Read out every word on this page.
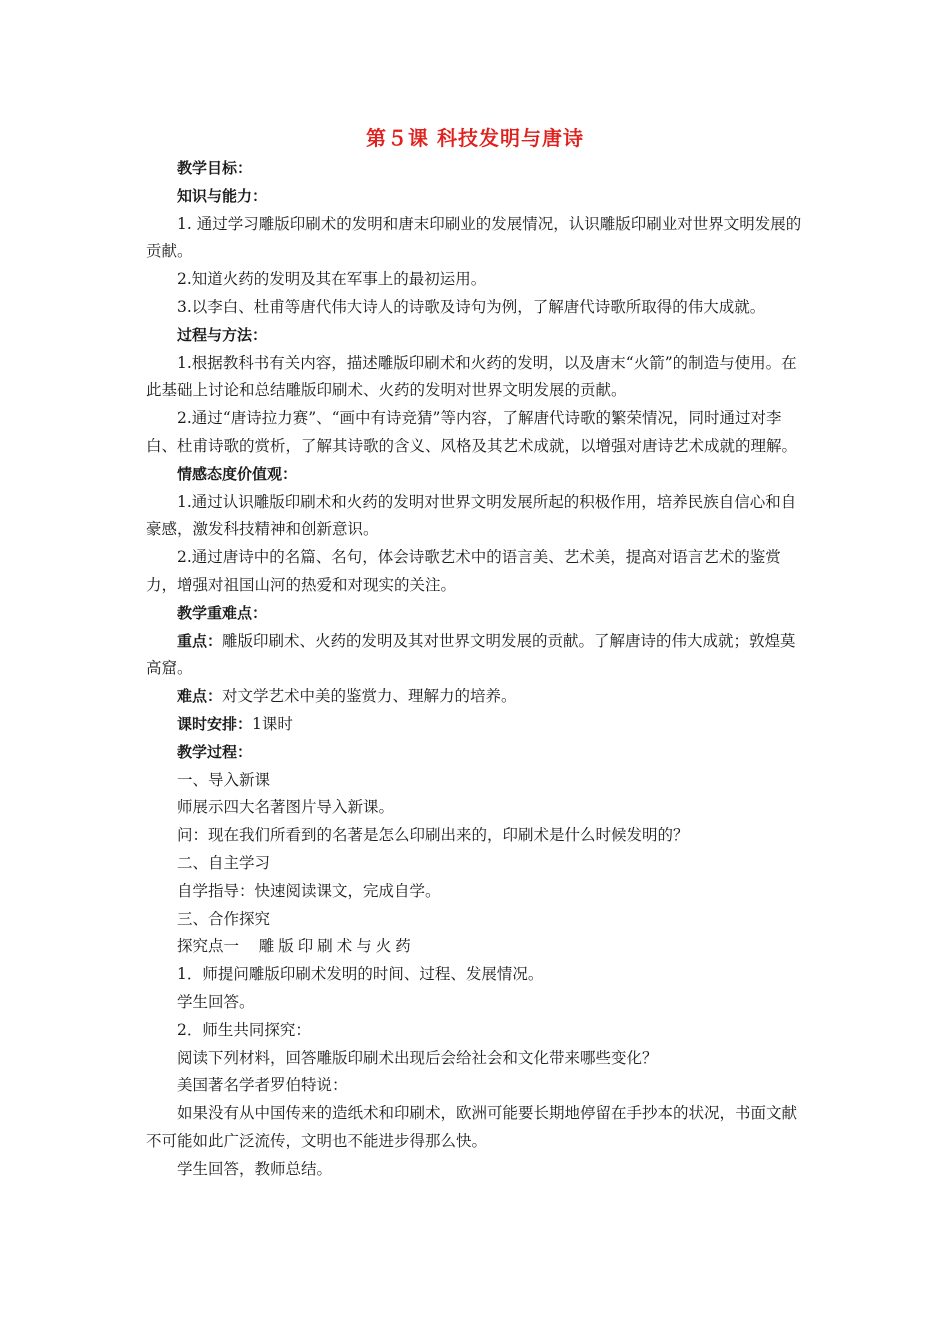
第５课 科技发明与唐诗

教学目标：

知识与能力：

1. 通过学习雕版印刷术的发明和唐末印刷业的发展情况，认识雕版印刷业对世界文明发展的贡献。

2.知道火药的发明及其在军事上的最初运用。

3.以李白、杜甫等唐代伟大诗人的诗歌及诗句为例，了解唐代诗歌所取得的伟大成就。

过程与方法：

1.根据教科书有关内容，描述雕版印刷术和火药的发明，以及唐末“火箭”的制造与使用。在此基础上讨论和总结雕版印刷术、火药的发明对世界文明发展的贡献。

2.通过“唐诗拉力赛”、“画中有诗竞猜”等内容，了解唐代诗歌的繁荣情况，同时通过对李白、杜甫诗歌的赏析，了解其诗歌的含义、风格及其艺术成就，以增强对唐诗艺术成就的理解。

情感态度价值观：

1.通过认识雕版印刷术和火药的发明对世界文明发展所起的积极作用，培养民族自信心和自豪感，激发科技精神和创新意识。

2.通过唐诗中的名篇、名句，体会诗歌艺术中的语言美、艺术美，提高对语言艺术的鉴赏力，增强对祖国山河的热爱和对现实的关注。

教学重难点：

重点：雕版印刷术、火药的发明及其对世界文明发展的贡献。了解唐诗的伟大成就；敦煌莫高窟。

难点：对文学艺术中美的鉴赏力、理解力的培养。

课时安排：1课时

教学过程：

一、导入新课

师展示四大名著图片导入新课。

问：现在我们所看到的名著是怎么印刷出来的，印刷术是什么时候发明的？

二、自主学习

自学指导：快速阅读课文，完成自学。

三、合作探究

探究点一 雕版印刷术与火药

1．师提问雕版印刷术发明的时间、过程、发展情况。

学生回答。

2．师生共同探究：

阅读下列材料，回答雕版印刷术出现后会给社会和文化带来哪些变化？

美国著名学者罗伯特说：

如果没有从中国传来的造纸术和印刷术，欧洲可能要长期地停留在手抄本的状况，书面文献不可能如此广泛流传，文明也不能进步得那么快。

学生回答，教师总结。
